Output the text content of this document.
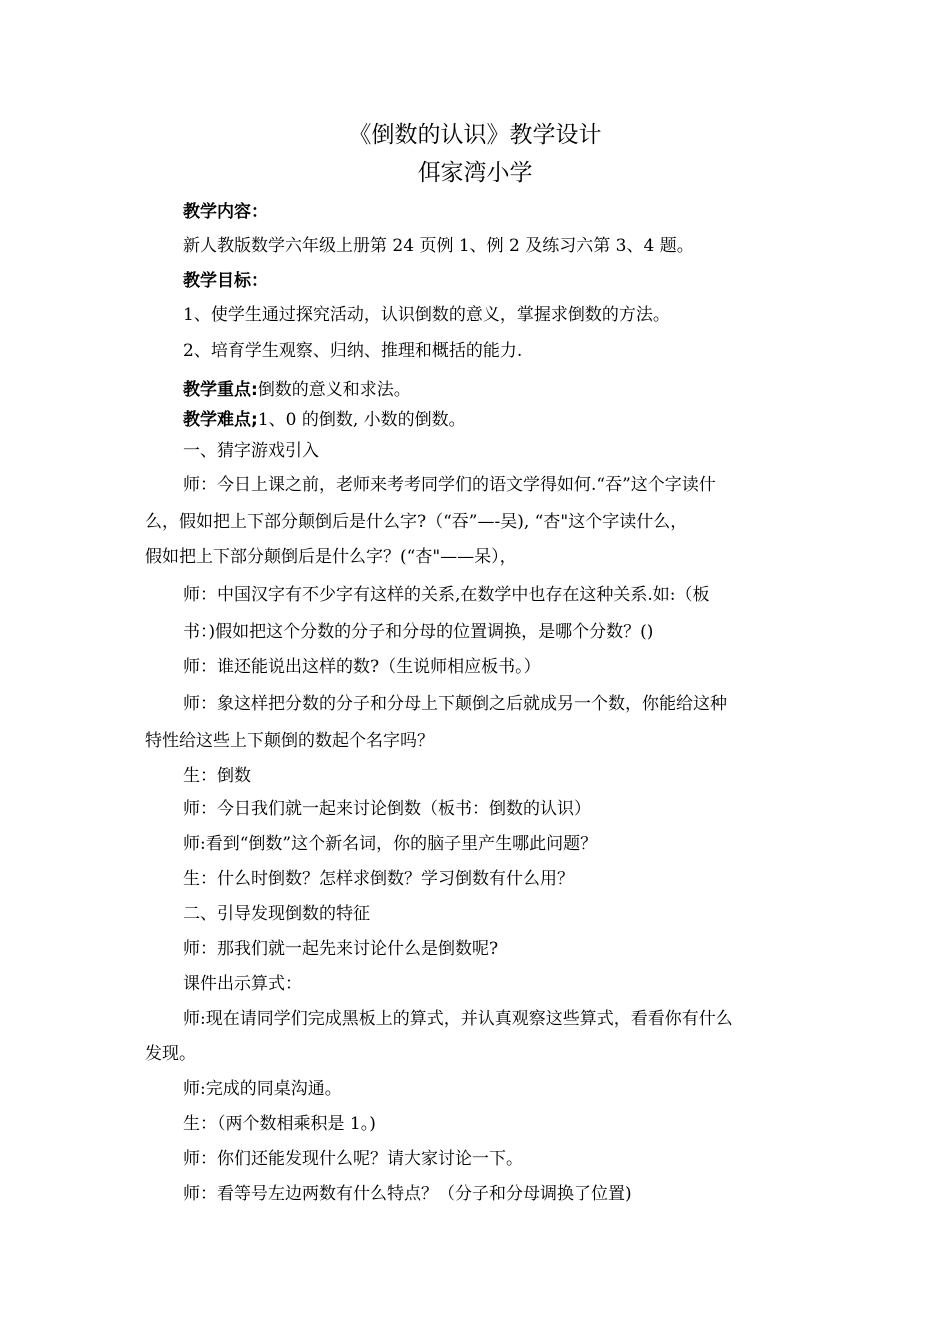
《倒数的认识》教学设计
佴家湾小学
教学内容：
新人教版数学六年级上册第 24 页例 1、例 2 及练习六第 3、4 题。
教学目标：
1、使学生通过探究活动，认识倒数的意义，掌握求倒数的方法。
2、培育学生观察、归纳、推理和概括的能力.
教学重点:倒数的意义和求法。
教学难点;1、0 的倒数, 小数的倒数。
一、猜字游戏引入
师：今日上课之前，老师来考考同学们的语文学得如何.“吞”这个字读什
么，假如把上下部分颠倒后是什么字?（“吞”—-吴), “杏"这个字读什么，
假如把上下部分颠倒后是什么字？(“杏"——呆），
师：中国汉字有不少字有这样的关系,在数学中也存在这种关系.如:（板
书：)假如把这个分数的分子和分母的位置调换，是哪个分数？()
师：谁还能说出这样的数?（生说师相应板书。）
师：象这样把分数的分子和分母上下颠倒之后就成另一个数，你能给这种
特性给这些上下颠倒的数起个名字吗？
生：倒数
师：今日我们就一起来讨论倒数（板书：倒数的认识）
师:看到“倒数”这个新名词，你的脑子里产生哪此问题？
生：什么时倒数？怎样求倒数？学习倒数有什么用？
二、引导发现倒数的特征
师：那我们就一起先来讨论什么是倒数呢?
课件出示算式：
师:现在请同学们完成黑板上的算式，并认真观察这些算式，看看你有什么
发现。
师:完成的同桌沟通。
生：（两个数相乘积是 1。)
师：你们还能发现什么呢？请大家讨论一下。
师：看等号左边两数有什么特点？（分子和分母调换了位置)
